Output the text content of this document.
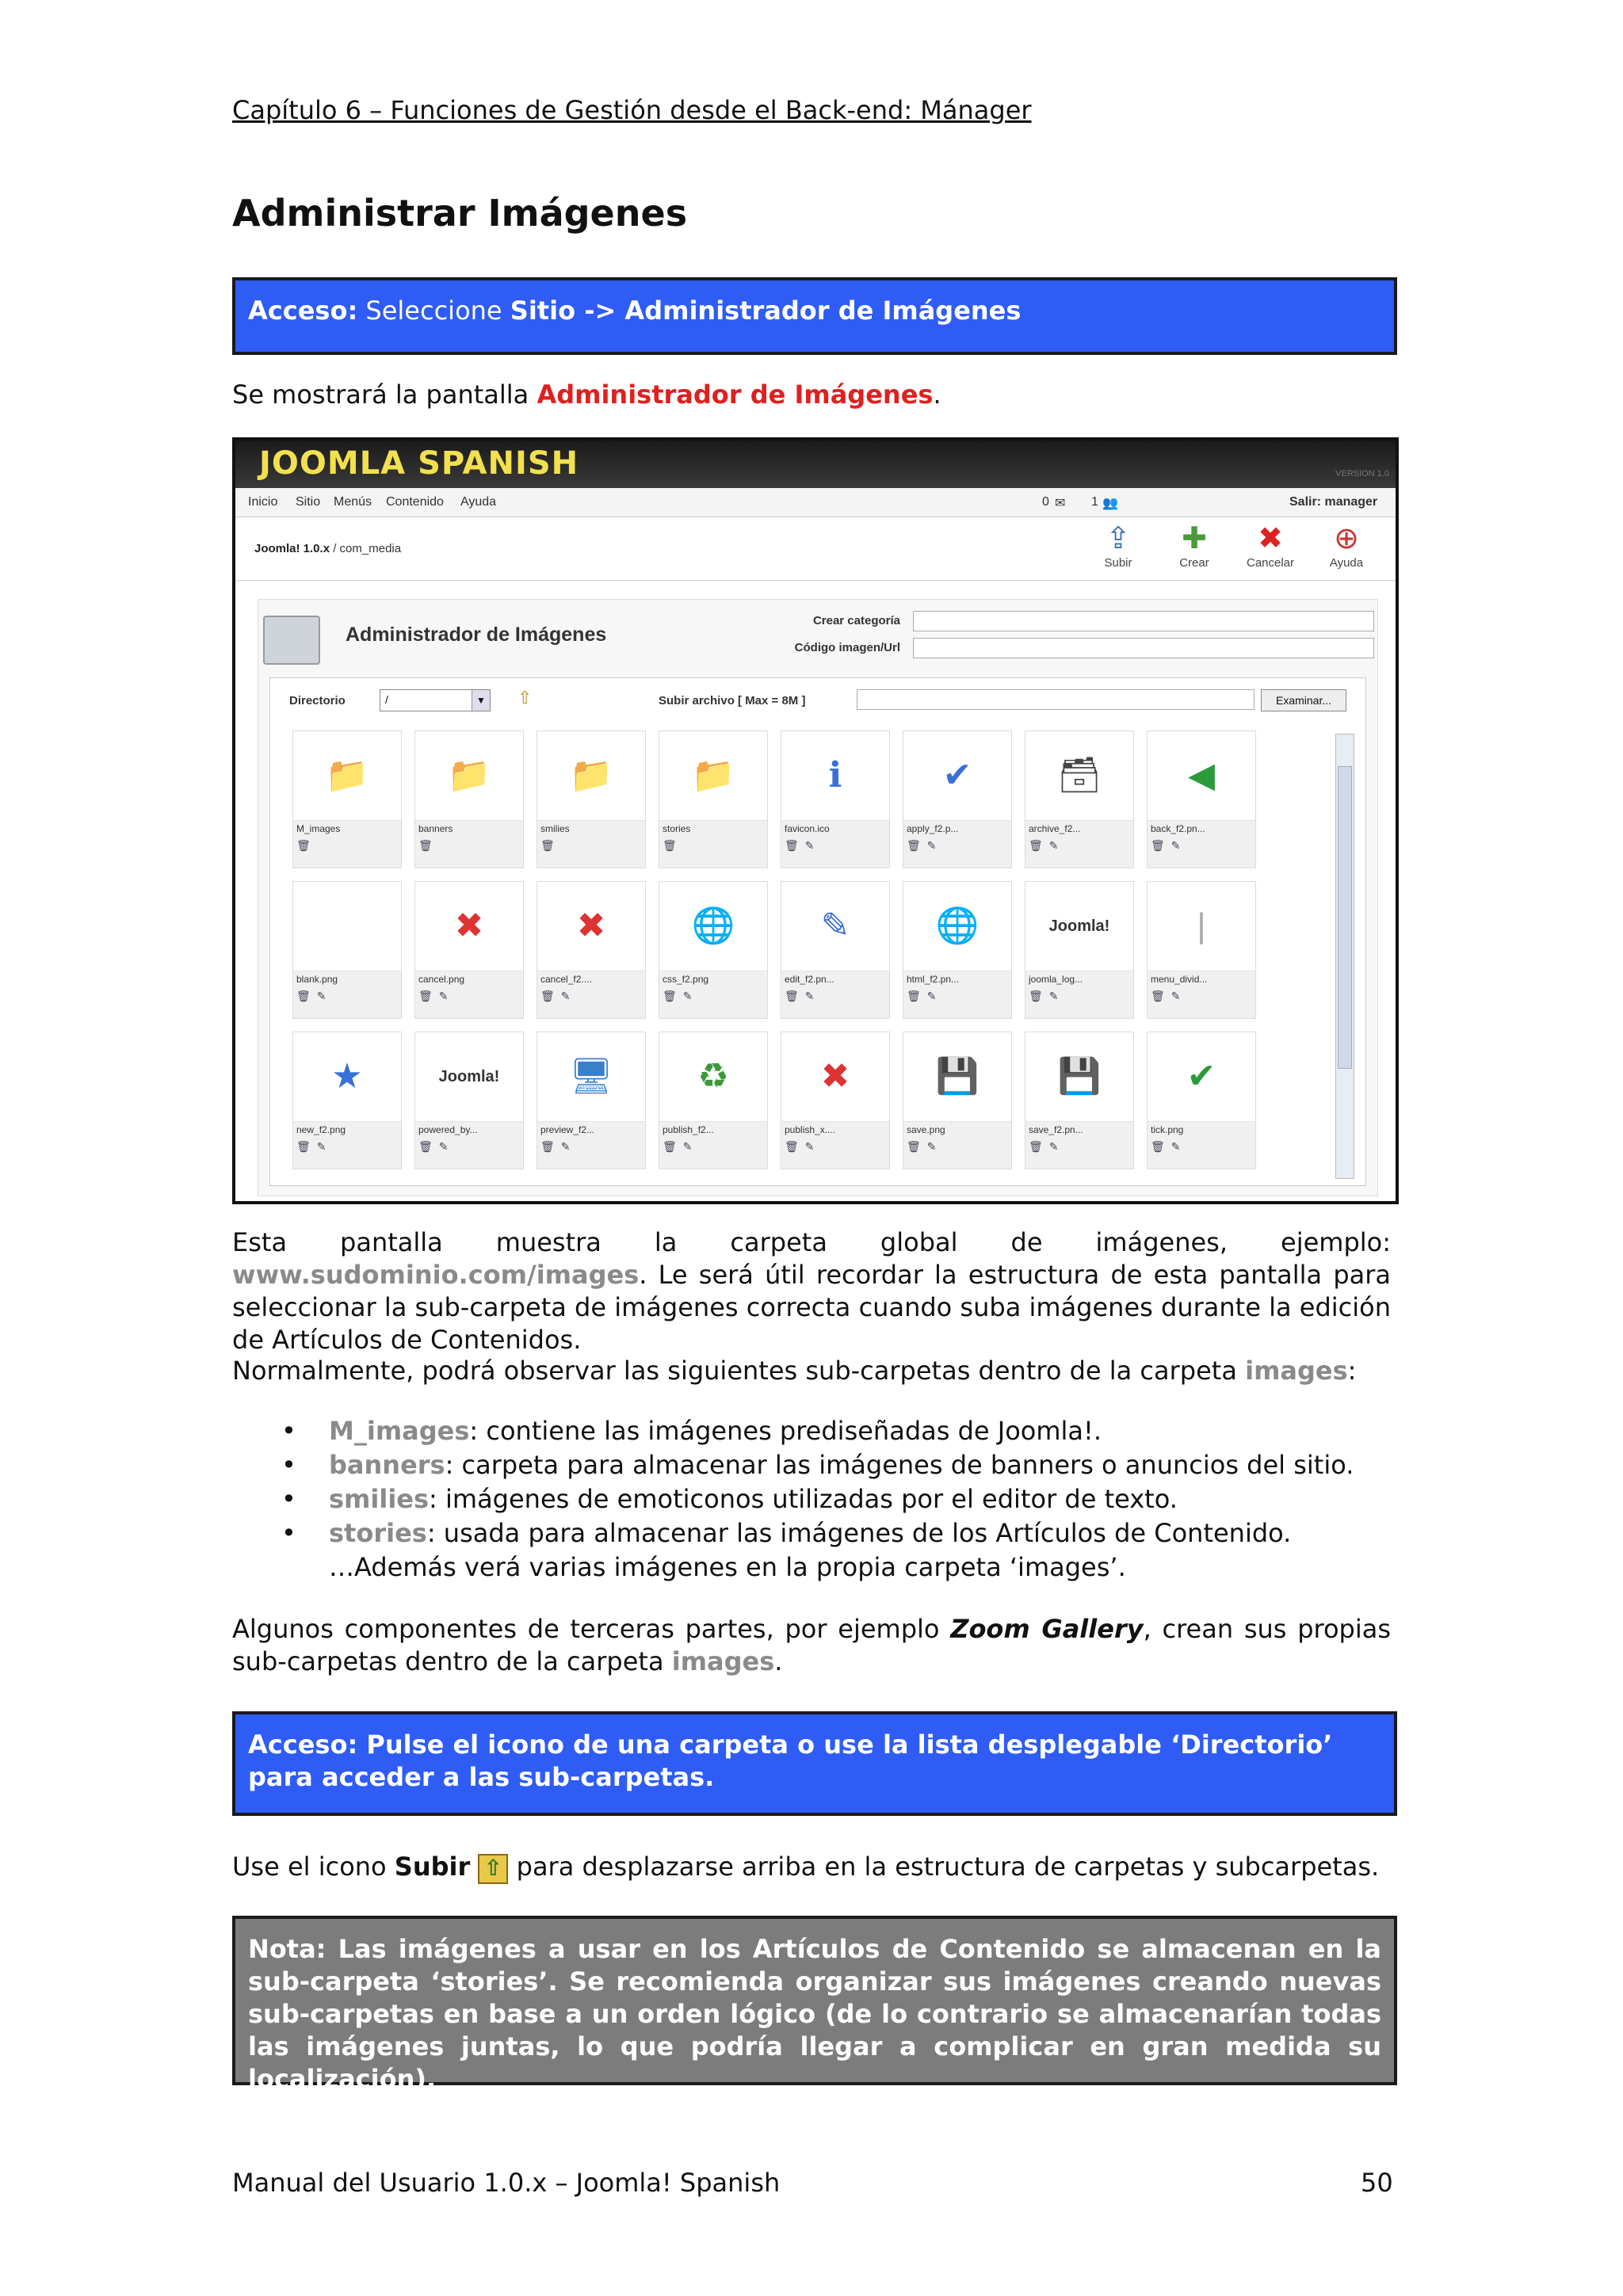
Capítulo 6 – Funciones de Gestión desde el Back-end: Mánager
Administrar Imágenes
Acceso: Seleccione Sitio -> Administrador de Imágenes
Se mostrará la pantalla Administrador de Imágenes.
JOOMLA SPANISH	VERSION 1.0
Inicio Sitio Menús Contenido Ayuda	0 ✉ 1 👥	Salir: manager
Joomla! 1.0.x / com_media	⇪
Subir
✚
Crear
✖
Cancelar
⊕
Ayuda
Administrador de Imágenes
Crear categoría
Código imagen/Url
Directorio	/	▼ ⇧	Subir archivo [ Max = 8M ]	Examinar...
📁
M_images
🗑
📁
banners
🗑
📁
smilies
🗑
📁
stories
🗑
ℹ
favicon.ico
🗑 ✎
✔
apply_f2.p...
🗑 ✎
🗃
archive_f2...
🗑 ✎
◀
back_f2.pn...
🗑 ✎
blank.png
🗑 ✎
✖
cancel.png
🗑 ✎
✖
cancel_f2....
🗑 ✎
🌐
css_f2.png
🗑 ✎
✎
edit_f2.pn...
🗑 ✎
🌐
html_f2.pn...
🗑 ✎
Joomla!
joomla_log...
🗑 ✎
|
menu_divid...
🗑 ✎
★
new_f2.png
🗑 ✎
Joomla!
powered_by...
🗑 ✎
🖥
preview_f2...
🗑 ✎
♻
publish_f2...
🗑 ✎
✖
publish_x....
🗑 ✎
💾
save.png
🗑 ✎
💾
save_f2.pn...
🗑 ✎
✔
tick.png
🗑 ✎
Esta pantalla muestra la carpeta global de imágenes, ejemplo: www.sudominio.com/images. Le será útil recordar la estructura de esta pantalla para seleccionar la sub-carpeta de imágenes correcta cuando suba imágenes durante la edición de Artículos de Contenidos.
Normalmente, podrá observar las siguientes sub-carpetas dentro de la carpeta images:
• M_images: contiene las imágenes prediseñadas de Joomla!.
• banners: carpeta para almacenar las imágenes de banners o anuncios del sitio.
• smilies: imágenes de emoticonos utilizadas por el editor de texto.
• stories: usada para almacenar las imágenes de los Artículos de Contenido.
…Además verá varias imágenes en la propia carpeta ‘images’.
Algunos componentes de terceras partes, por ejemplo Zoom Gallery, crean sus propias sub-carpetas dentro de la carpeta images.
Acceso: Pulse el icono de una carpeta o use la lista desplegable ‘Directorio’ para acceder a las sub-carpetas.
Use el icono Subir ⇧ para desplazarse arriba en la estructura de carpetas y subcarpetas.
Nota: Las imágenes a usar en los Artículos de Contenido se almacenan en la sub-carpeta ‘stories’. Se recomienda organizar sus imágenes creando nuevas sub-carpetas en base a un orden lógico (de lo contrario se almacenarían todas las imágenes juntas, lo que podría llegar a complicar en gran medida su localización).
Manual del Usuario 1.0.x – Joomla! Spanish	50
